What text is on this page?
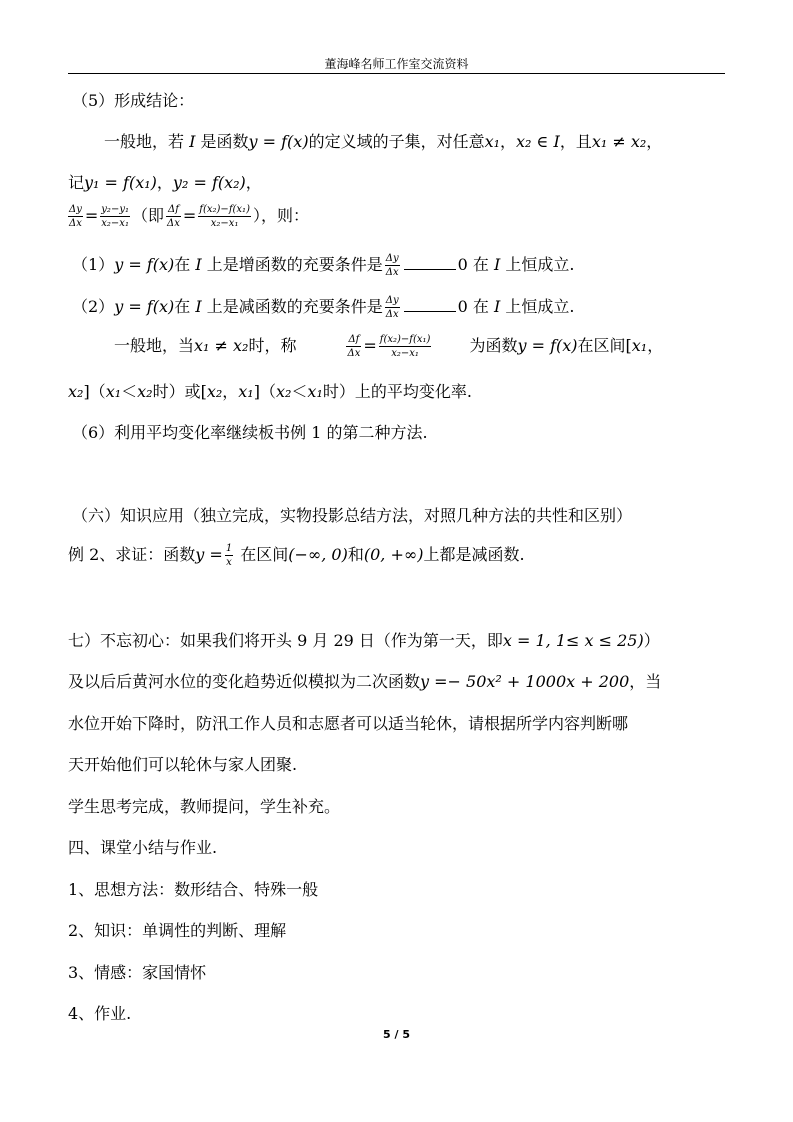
董海峰名师工作室交流资料
（5）形成结论：
一般地，若 I 是函数y = f(x)的定义域的子集，对任意x₁，x₂ ∈ I，且x₁ ≠ x₂，
记y₁ = f(x₁)，y₂ = f(x₂)，
$\frac{\Delta y}{\Delta x} = \frac{\text{y₂−y₁}}{\text{x₂−x₁}}$ （即 $\frac{\Delta f}{\Delta x} = \frac{\text{f(x₂)−f(x₁)}}{\text{x₂−x₁}}$ ），则：
（1）y = f(x)在 I 上是增函数的充要条件是 $\frac{\Delta y}{\Delta x}$	0 在 I 上恒成立.
（2）y = f(x)在 I 上是减函数的充要条件是 $\frac{\Delta y}{\Delta x}$	0 在 I 上恒成立.
一般地，当x₁ ≠ x₂时，称	$\frac{\Delta f}{\Delta x} = \frac{\text{f(x₂)−f(x₁)}}{\text{x₂−x₁}}$ 为函数y = f(x)在区间[x₁，
x₂]（x₁＜x₂时）或[x₂，x₁]（x₂＜x₁时）上的平均变化率.
（6）利用平均变化率继续板书例 1 的第二种方法.
（六）知识应用（独立完成，实物投影总结方法，对照几种方法的共性和区别）
例 2、求证：函数$y = \frac{1}{x}$ 在区间(−∞, 0)和(0, +∞)上都是减函数.
七）不忘初心：如果我们将开头 9 月 29 日（作为第一天，即x = 1, 1≤ x ≤ 25)）
及以后后黄河水位的变化趋势近似模拟为二次函数y =− 50x² + 1000x + 200，当
水位开始下降时，防汛工作人员和志愿者可以适当轮休，请根据所学内容判断哪
天开始他们可以轮休与家人团聚.
学生思考完成，教师提问，学生补充。
四、课堂小结与作业.
1、思想方法：数形结合、特殊一般
2、知识：单调性的判断、理解
3、情感：家国情怀
4、作业.
5 / 5
